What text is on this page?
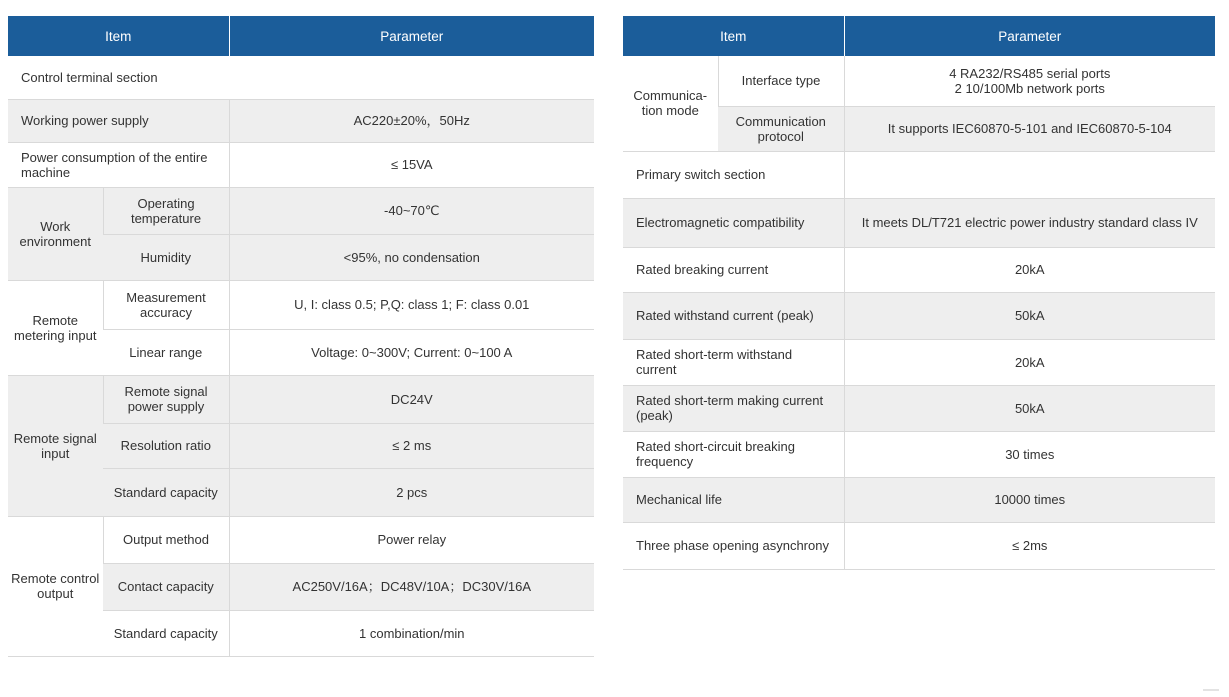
Item		Parameter
Control terminal section		
Working power supply		AC220±20%，50Hz
Power consumption of the entire machine		≤ 15VA
Work environment	Operating temperature	-40~70℃
	Humidity	<95%, no condensation
Remote metering input	Measurement accuracy	U, I: class 0.5; P,Q: class 1; F: class 0.01
	Linear range	Voltage: 0~300V; Current: 0~100 A
Remote signal input	Remote signal power supply	DC24V
	Resolution ratio	≤ 2 ms
	Standard capacity	2 pcs
Remote control output	Output method	Power relay
	Contact capacity	AC250V/16A；DC48V/10A；DC30V/16A
	Standard capacity	1 combination/min
Item		Parameter
Communica-tion mode	Interface type	4 RA232/RS485 serial ports
2 10/100Mb network ports

	Communication protocol	It supports IEC60870-5-101 and IEC60870-5-104
Primary switch section		
Electromagnetic compatibility		It meets DL/T721 electric power industry standard class IV
Rated breaking current		20kA
Rated withstand current (peak)		50kA
Rated short-term withstand current		20kA
Rated short-term making current (peak)		50kA
Rated short-circuit breaking frequency		30 times
Mechanical life		10000 times
Three phase opening asynchrony		≤ 2ms
